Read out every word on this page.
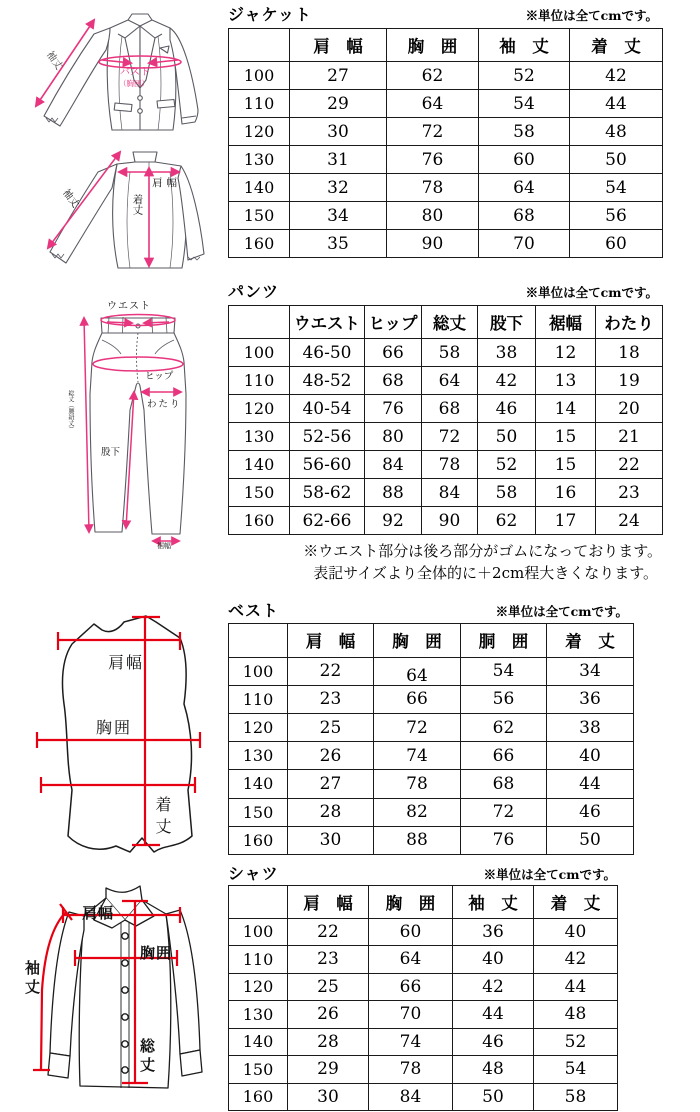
ジャケット	※単位は全てcmです。
	肩　幅	胸　囲	袖　丈	着　丈
100	27	62	52	42
110	29	64	54	44
120	30	72	58	48
130	31	76	60	50
140	32	78	64	54
150	34	80	68	56
160	35	90	70	60
パンツ	※単位は全てcmです。
	ウエスト	ヒップ	総丈	股下	裾幅	わたり
100	46-50	66	58	38	12	18
110	48-52	68	64	42	13	19
120	40-54	76	68	46	14	20
130	52-56	80	72	50	15	21
140	56-60	84	78	52	15	22
150	58-62	88	84	58	16	23
160	62-66	92	90	62	17	24
※ウエスト部分は後ろ部分がゴムになっております。
表記サイズより全体的に＋2cm程大きくなります。
ベスト	※単位は全てcmです。
	肩　幅	胸　囲	胴　囲	着　丈
100	22	64	54	34
110	23	66	56	36
120	25	72	62	38
130	26	74	66	40
140	27	78	68	44
150	28	82	72	46
160	30	88	76	50
シャツ	※単位は全てcmです。
	肩　幅	胸　囲	袖　丈	着　丈
100	22	60	36	40
110	23	64	40	42
120	25	66	42	44
130	26	70	44	48
140	28	74	46	52
150	29	78	48	54
160	30	84	50	58
袖丈
バスト
（胸囲）
袖丈
肩幅
着丈
ウエスト
ヒップ
わたり
股下
総丈（腰紐丈）
裾幅
肩幅
胸囲
着丈
肩幅
胸囲
袖丈
総丈
